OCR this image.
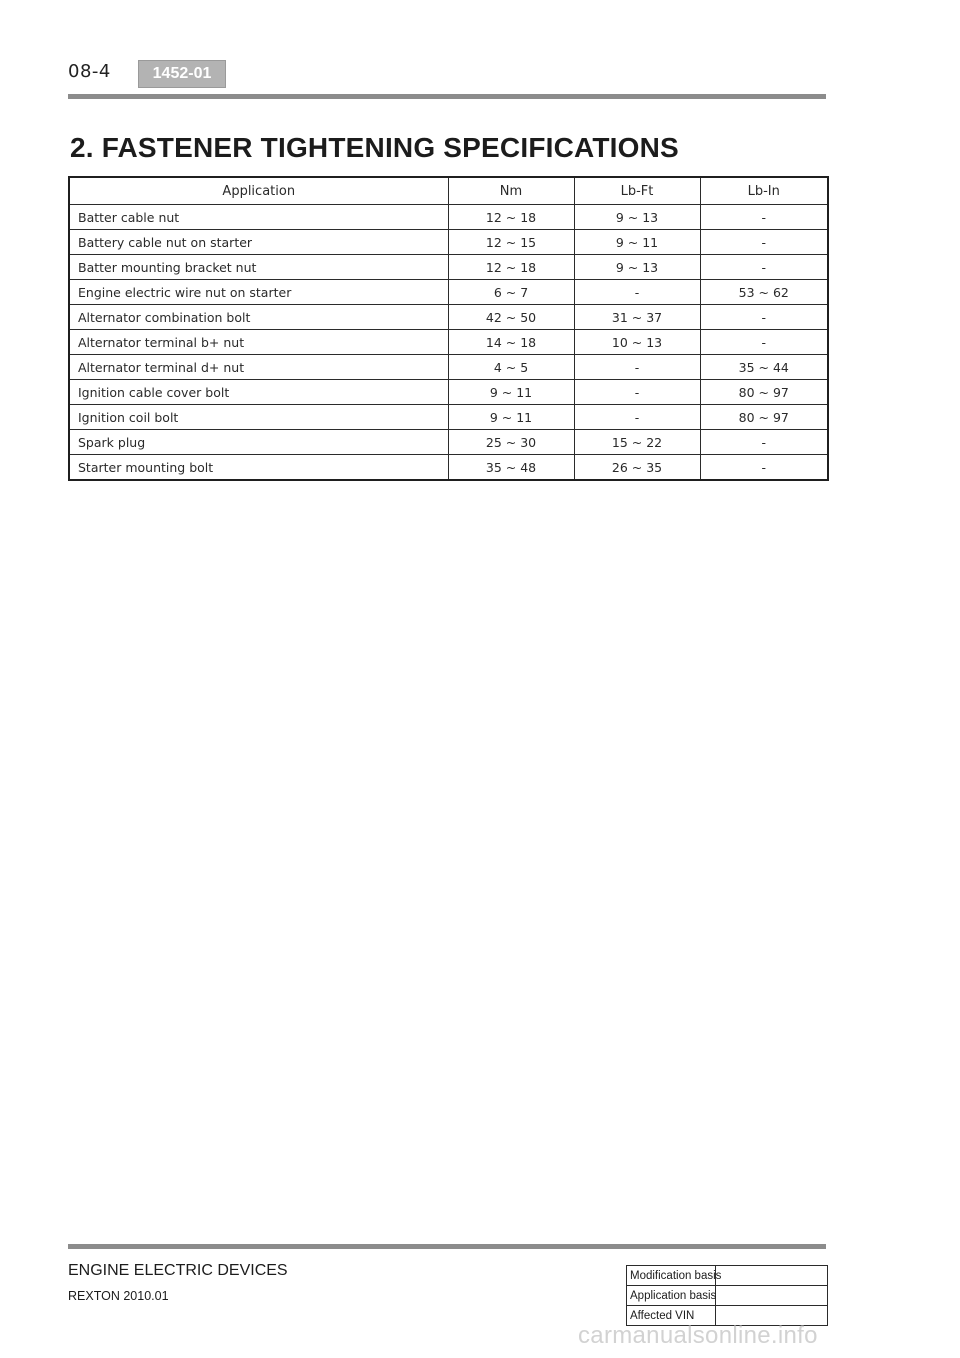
08-4	1452-01
2. FASTENER TIGHTENING SPECIFICATIONS
Application	Nm	Lb-Ft	Lb-In
Batter cable nut	12 ~ 18	9 ~ 13	-
Battery cable nut on starter	12 ~ 15	9 ~ 11	-
Batter mounting bracket nut	12 ~ 18	9 ~ 13	-
Engine electric wire nut on starter	6 ~ 7	-	53 ~ 62
Alternator combination bolt	42 ~ 50	31 ~ 37	-
Alternator terminal b+ nut	14 ~ 18	10 ~ 13	-
Alternator terminal d+ nut	4 ~ 5	-	35 ~ 44
Ignition cable cover bolt	9 ~ 11	-	80 ~ 97
Ignition coil bolt	9 ~ 11	-	80 ~ 97
Spark plug	25 ~ 30	15 ~ 22	-
Starter mounting bolt	35 ~ 48	26 ~ 35	-
ENGINE ELECTRIC DEVICES
REXTON 2010.01
Modification basis	
Application basis	
Affected VIN	
carmanualsonline.info
